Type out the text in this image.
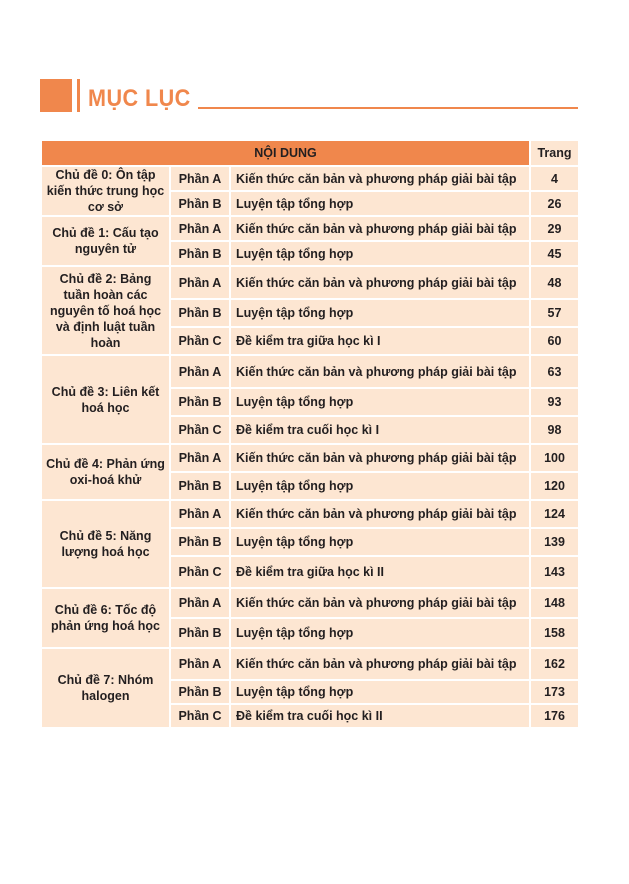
MỤC LỤC
NỘI DUNG			Trang
Chủ đề 0: Ôn tập kiến thức trung học cơ sở	Phần A	Kiến thức căn bản và phương pháp giải bài tập	4
	Phần B	Luyện tập tổng hợp	26
Chủ đề 1: Cấu tạo nguyên tử	Phần A	Kiến thức căn bản và phương pháp giải bài tập	29
	Phần B	Luyện tập tổng hợp	45
Chủ đề 2: Bảng tuần hoàn các nguyên tố hoá học và định luật tuần hoàn	Phần A	Kiến thức căn bản và phương pháp giải bài tập	48
	Phần B	Luyện tập tổng hợp	57
	Phần C	Đề kiểm tra giữa học kì I	60
Chủ đề 3: Liên kết hoá học	Phần A	Kiến thức căn bản và phương pháp giải bài tập	63
	Phần B	Luyện tập tổng hợp	93
	Phần C	Đề kiểm tra cuối học kì I	98
Chủ đề 4: Phản ứng oxi-hoá khử	Phần A	Kiến thức căn bản và phương pháp giải bài tập	100
	Phần B	Luyện tập tổng hợp	120
Chủ đề 5: Năng lượng hoá học	Phần A	Kiến thức căn bản và phương pháp giải bài tập	124
	Phần B	Luyện tập tổng hợp	139
	Phần C	Đề kiểm tra giữa học kì II	143
Chủ đề 6: Tốc độ phản ứng hoá học	Phần A	Kiến thức căn bản và phương pháp giải bài tập	148
	Phần B	Luyện tập tổng hợp	158
Chủ đề 7: Nhóm halogen	Phần A	Kiến thức căn bản và phương pháp giải bài tập	162
	Phần B	Luyện tập tổng hợp	173
	Phần C	Đề kiểm tra cuối học kì II	176
